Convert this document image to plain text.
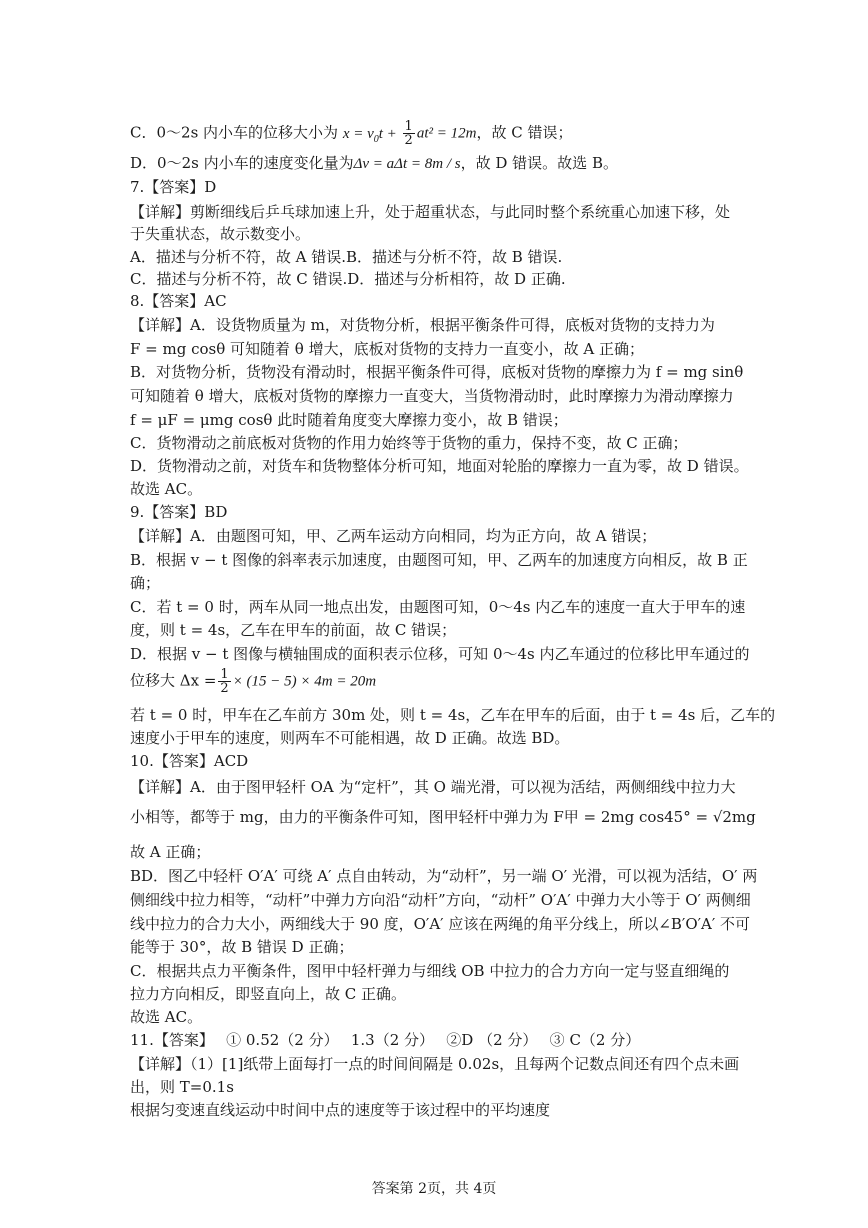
C．0～2s 内小车的位移大小为 $x = v_0t + \frac{1}{2} at^2 = 12m$，故 C 错误；
D．0～2s 内小车的速度变化量为Δv = aΔt = 8m / s，故 D 错误。故选 B。
7.【答案】D
【详解】剪断细线后乒乓球加速上升，处于超重状态，与此同时整个系统重心加速下移，处
于失重状态，故示数变小。
A．描述与分析不符，故 A 错误.B．描述与分析不符，故 B 错误.
C．描述与分析不符，故 C 错误.D．描述与分析相符，故 D 正确.
8.【答案】AC
【详解】A．设货物质量为 m，对货物分析，根据平衡条件可得，底板对货物的支持力为
F = mg cosθ 可知随着 θ 增大，底板对货物的支持力一直变小，故 A 正确；
B．对货物分析，货物没有滑动时，根据平衡条件可得，底板对货物的摩擦力为 f = mg sinθ
可知随着 θ 增大，底板对货物的摩擦力一直变大，当货物滑动时，此时摩擦力为滑动摩擦力
f = μF = μmg cosθ 此时随着角度变大摩擦力变小，故 B 错误；
C．货物滑动之前底板对货物的作用力始终等于货物的重力，保持不变，故 C 正确；
D．货物滑动之前，对货车和货物整体分析可知，地面对轮胎的摩擦力一直为零，故 D 错误。
故选 AC。
9.【答案】BD
【详解】A．由题图可知，甲、乙两车运动方向相同，均为正方向，故 A 错误；
B．根据 v − t 图像的斜率表示加速度，由题图可知，甲、乙两车的加速度方向相反，故 B 正
确；
C．若 t = 0 时，两车从同一地点出发，由题图可知，0～4s 内乙车的速度一直大于甲车的速
度，则 t = 4s，乙车在甲车的前面，故 C 错误；
D．根据 v − t 图像与横轴围成的面积表示位移，可知 0～4s 内乙车通过的位移比甲车通过的
位移大 $\Delta x = \frac{1}{2} \times (15 - 5) \times 4m = 20m$
若 t = 0 时，甲车在乙车前方 30m 处，则 t = 4s，乙车在甲车的后面，由于 t = 4s 后，乙车的
速度小于甲车的速度，则两车不可能相遇，故 D 正确。故选 BD。
10.【答案】ACD
【详解】A．由于图甲轻杆 OA 为“定杆”，其 O 端光滑，可以视为活结，两侧细线中拉力大
小相等，都等于 mg，由力的平衡条件可知，图甲轻杆中弹力为 F甲 = 2mg cos45° = √2mg
故 A 正确；
BD．图乙中轻杆 O′A′ 可绕 A′ 点自由转动，为“动杆”，另一端 O′ 光滑，可以视为活结，O′ 两
侧细线中拉力相等，“动杆”中弹力方向沿“动杆”方向，“动杆” O′A′ 中弹力大小等于 O′ 两侧细
线中拉力的合力大小，两细线大于 90 度，O′A′ 应该在两绳的角平分线上，所以∠B′O′A′ 不可
能等于 30°，故 B 错误 D 正确；
C．根据共点力平衡条件，图甲中轻杆弹力与细线 OB 中拉力的合力方向一定与竖直细绳的
拉力方向相反，即竖直向上，故 C 正确。
故选 AC。
11.【答案】　 ① 0.52（2 分）　 1.3（2 分）　 ②D （2 分）　 ③ C（2 分）
【详解】（1）[1]纸带上面每打一点的时间间隔是 0.02s，且每两个记数点间还有四个点未画
出，则 T=0.1s
根据匀变速直线运动中时间中点的速度等于该过程中的平均速度
答案第 2页，共 4页
